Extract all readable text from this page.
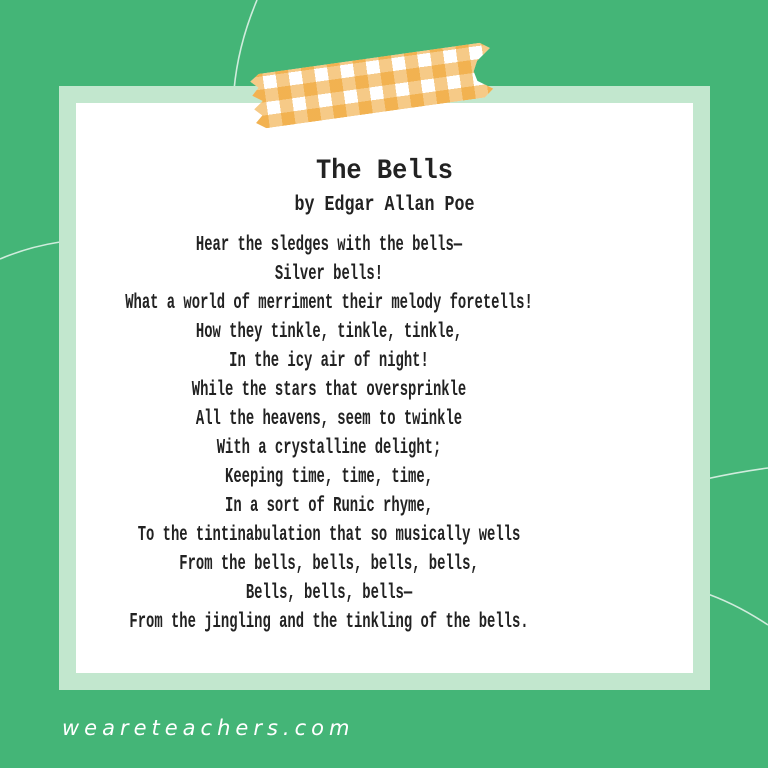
The Bells
by Edgar Allan Poe
Hear the sledges with the bells—
Silver bells!
What a world of merriment their melody foretells!
How they tinkle, tinkle, tinkle,
In the icy air of night!
While the stars that oversprinkle
All the heavens, seem to twinkle
With a crystalline delight;
Keeping time, time, time,
In a sort of Runic rhyme,
To the tintinabulation that so musically wells
From the bells, bells, bells, bells,
Bells, bells, bells—
From the jingling and the tinkling of the bells.
weareteachers.com
